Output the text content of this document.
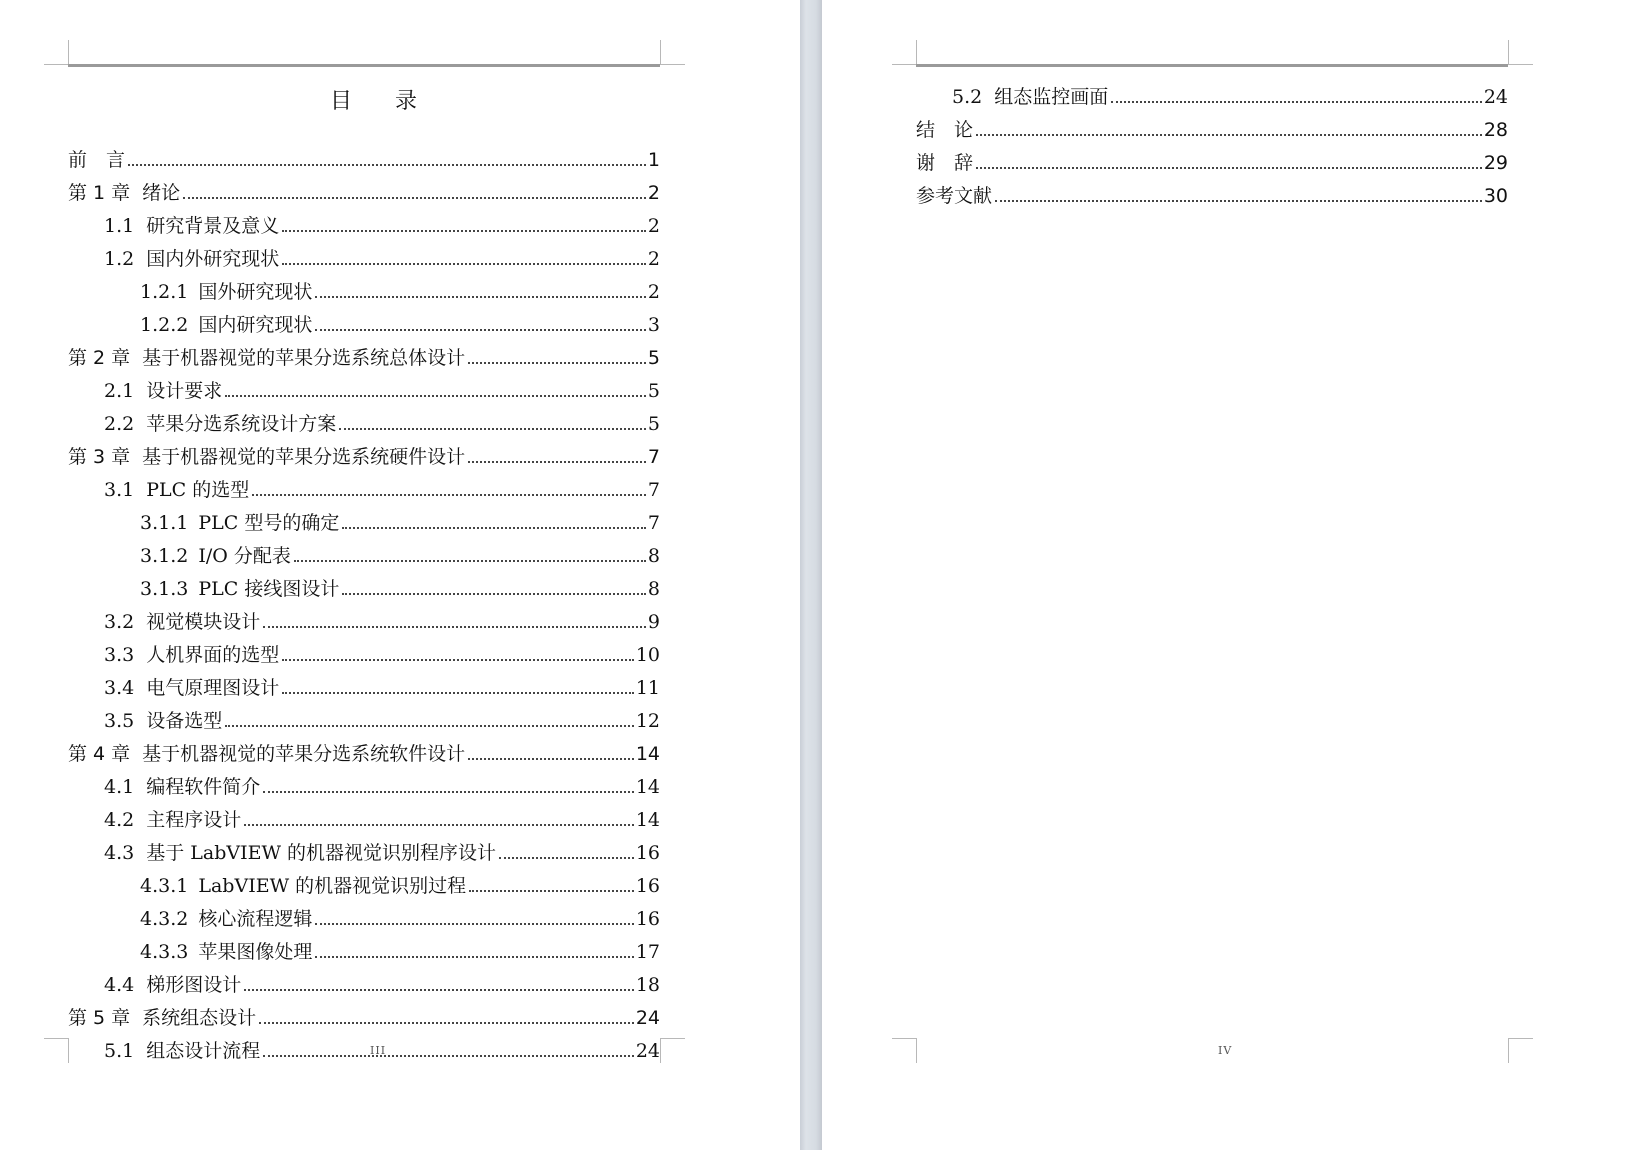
目 录
前　言	1
第 1 章 绪论	2
1.1 研究背景及意义	2
1.2 国内外研究现状	2
1.2.1 国外研究现状	2
1.2.2 国内研究现状	3
第 2 章 基于机器视觉的苹果分选系统总体设计	5
2.1 设计要求	5
2.2 苹果分选系统设计方案	5
第 3 章 基于机器视觉的苹果分选系统硬件设计	7
3.1 PLC 的选型	7
3.1.1 PLC 型号的确定	7
3.1.2 I/O 分配表	8
3.1.3 PLC 接线图设计	8
3.2 视觉模块设计	9
3.3 人机界面的选型	10
3.4 电气原理图设计	11
3.5 设备选型	12
第 4 章 基于机器视觉的苹果分选系统软件设计	14
4.1 编程软件简介	14
4.2 主程序设计	14
4.3 基于 LabVIEW 的机器视觉识别程序设计	16
4.3.1 LabVIEW 的机器视觉识别过程	16
4.3.2 核心流程逻辑	16
4.3.3 苹果图像处理	17
4.4 梯形图设计	18
第 5 章 系统组态设计	24
5.1 组态设计流程	24
III
5.2 组态监控画面	24
结　论	28
谢　辞	29
参考文献	30
IV
